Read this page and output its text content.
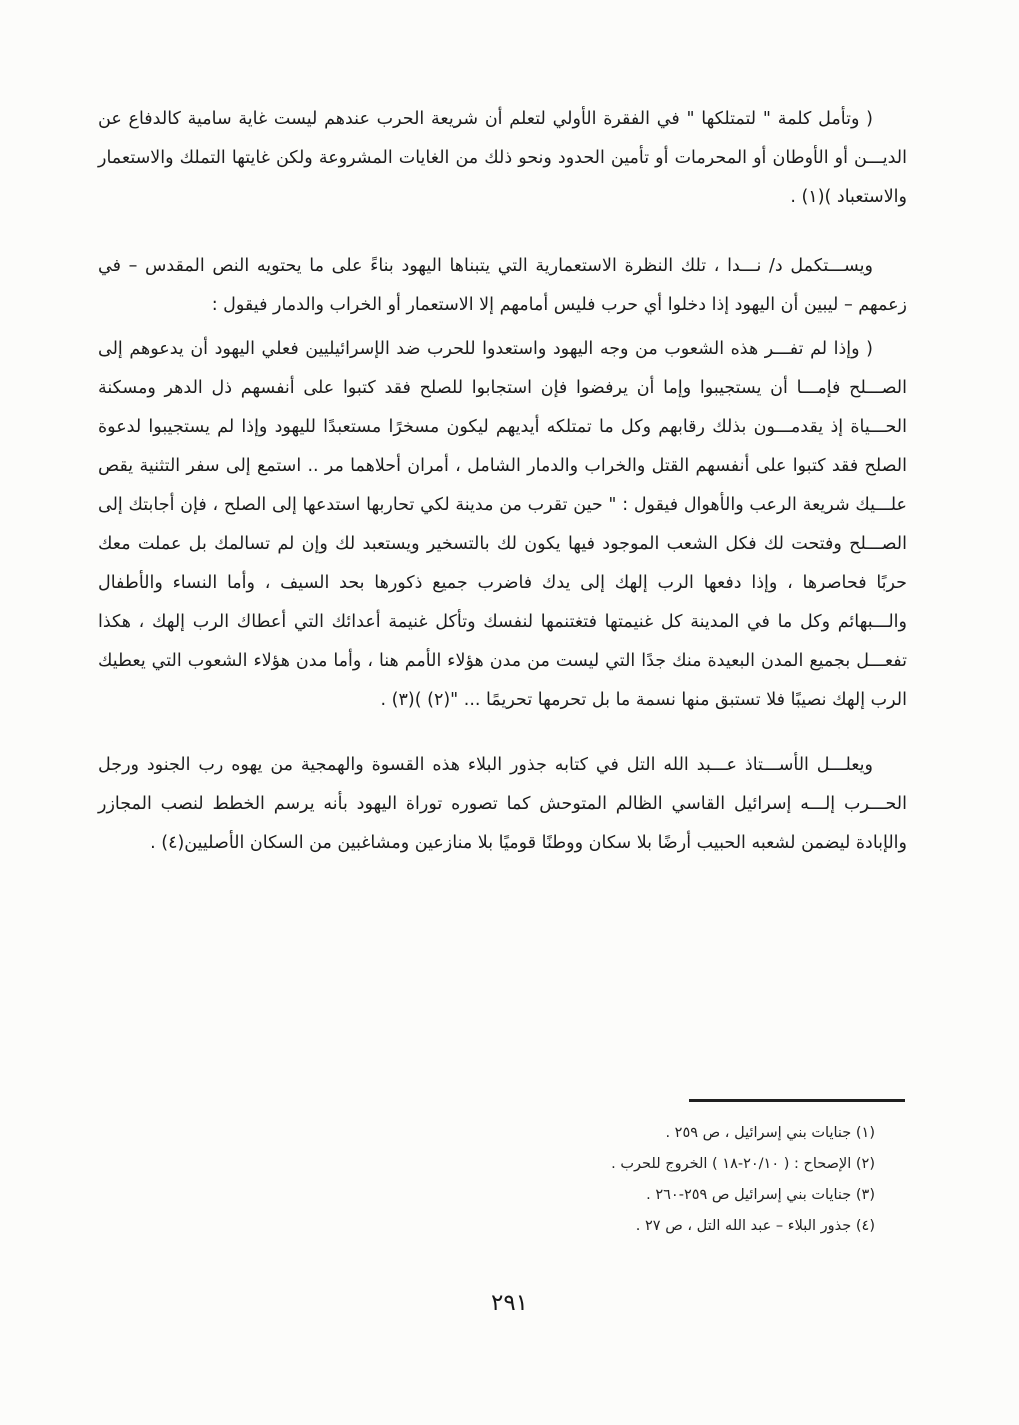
( وتأمل كلمة " لتمتلكها " في الفقرة الأولي لتعلم أن شريعة الحرب عندهم ليست غاية سامية كالدفاع عن الديـــن أو الأوطان أو المحرمات أو تأمين الحدود ونحو ذلك من الغايات المشروعة ولكن غايتها التملك والاستعمار والاستعباد )(١) .

ويســـتكمل د/ نـــدا ، تلك النظرة الاستعمارية التي يتبناها اليهود بناءً على ما يحتويه النص المقدس – في زعمهم – ليبين أن اليهود إذا دخلوا أي حرب فليس أمامهم إلا الاستعمار أو الخراب والدمار فيقول :

( وإذا لم تفـــر هذه الشعوب من وجه اليهود واستعدوا للحرب ضد الإسرائيليين فعلي اليهود أن يدعوهم إلى الصـــلح فإمـــا أن يستجيبوا وإما أن يرفضوا فإن استجابوا للصلح فقد كتبوا على أنفسهم ذل الدهر ومسكنة الحـــياة إذ يقدمـــون بذلك رقابهم وكل ما تمتلكه أيديهم ليكون مسخرًا مستعبدًا لليهود وإذا لم يستجيبوا لدعوة الصلح فقد كتبوا على أنفسهم القتل والخراب والدمار الشامل ، أمران أحلاهما مر .. استمع إلى سفر التثنية يقص علـــيك شريعة الرعب والأهوال فيقول : " حين تقرب من مدينة لكي تحاربها استدعها إلى الصلح ، فإن أجابتك إلى الصـــلح وفتحت لك فكل الشعب الموجود فيها يكون لك بالتسخير ويستعبد لك وإن لم تسالمك بل عملت معك حربًا فحاصرها ، وإذا دفعها الرب إلهك إلى يدك فاضرب جميع ذكورها بحد السيف ، وأما النساء والأطفال والـــبهائم وكل ما في المدينة كل غنيمتها فتغتنمها لنفسك وتأكل غنيمة أعدائك التي أعطاك الرب إلهك ، هكذا تفعـــل بجميع المدن البعيدة منك جدًا التي ليست من مدن هؤلاء الأمم هنا ، وأما مدن هؤلاء الشعوب التي يعطيك الرب إلهك نصيبًا فلا تستبق منها نسمة ما بل تحرمها تحريمًا ... "(٢) )(٣) .

ويعلـــل الأســـتاذ عـــبد الله التل في كتابه جذور البلاء هذه القسوة والهمجية من يهوه رب الجنود ورجل الحـــرب إلـــه إسرائيل القاسي الظالم المتوحش كما تصوره توراة اليهود بأنه يرسم الخطط لنصب المجازر والإبادة ليضمن لشعبه الحبيب أرضًا بلا سكان ووطنًا قوميًا بلا منازعين ومشاغبين من السكان الأصليين(٤) .

(١) جنايات بني إسرائيل ، ص ٢٥٩ .

(٢) الإصحاح : ( ٢٠/١٠-١٨ ) الخروج للحرب .

(٣) جنايات بني إسرائيل ص ٢٥٩-٢٦٠ .

(٤) جذور البلاء – عبد الله التل ، ص ٢٧ .

٢٩١
